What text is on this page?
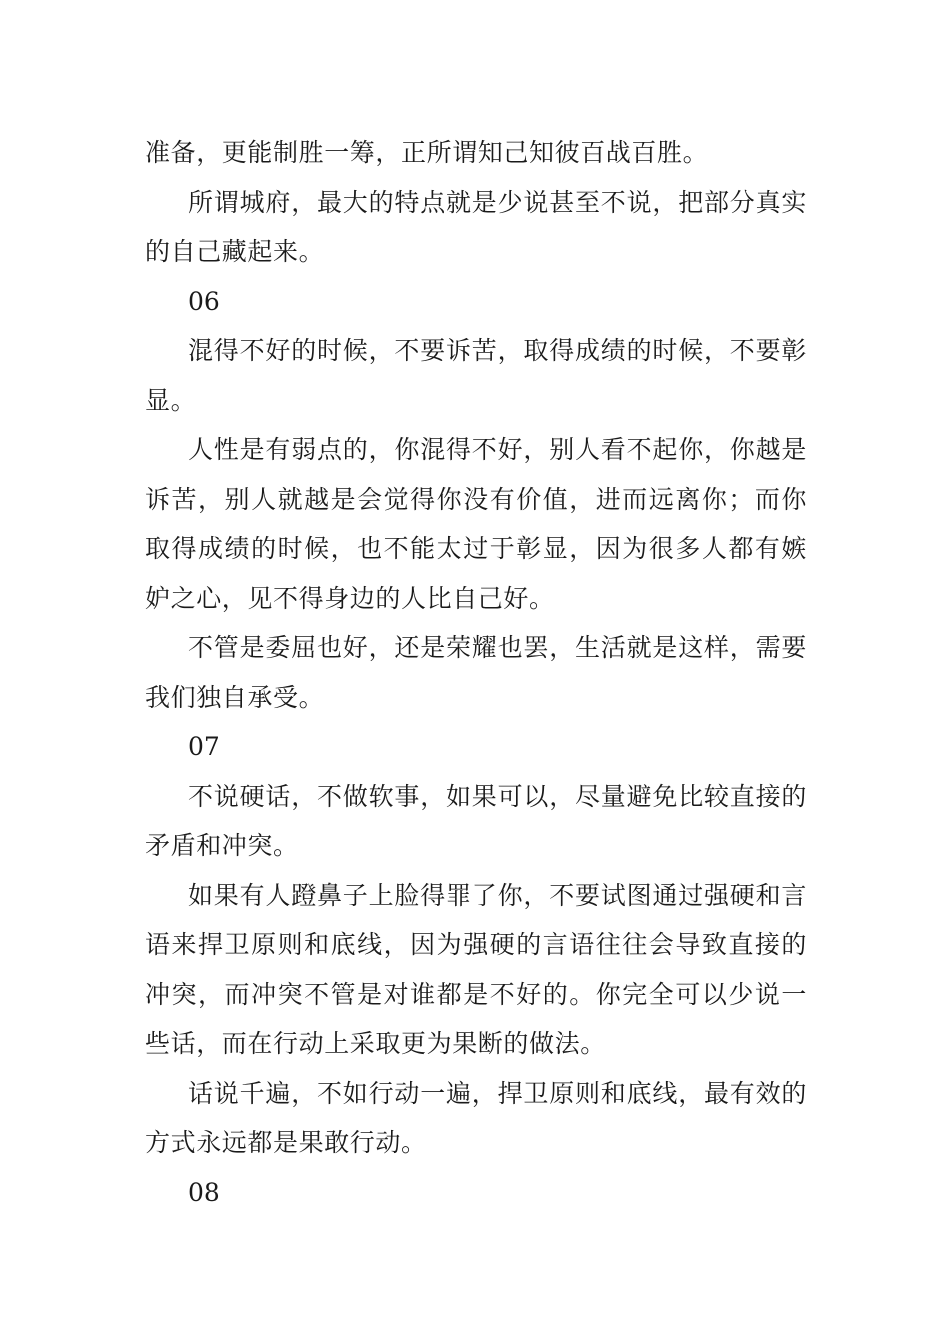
准备，更能制胜一筹，正所谓知己知彼百战百胜。

所谓城府，最大的特点就是少说甚至不说，把部分真实的自己藏起来。

06

混得不好的时候，不要诉苦，取得成绩的时候，不要彰显。

人性是有弱点的，你混得不好，别人看不起你，你越是诉苦，别人就越是会觉得你没有价值，进而远离你；而你取得成绩的时候，也不能太过于彰显，因为很多人都有嫉妒之心，见不得身边的人比自己好。

不管是委屈也好，还是荣耀也罢，生活就是这样，需要我们独自承受。

07

不说硬话，不做软事，如果可以，尽量避免比较直接的矛盾和冲突。

如果有人蹬鼻子上脸得罪了你，不要试图通过强硬和言语来捍卫原则和底线，因为强硬的言语往往会导致直接的冲突，而冲突不管是对谁都是不好的。你完全可以少说一些话，而在行动上采取更为果断的做法。

话说千遍，不如行动一遍，捍卫原则和底线，最有效的方式永远都是果敢行动。

08
